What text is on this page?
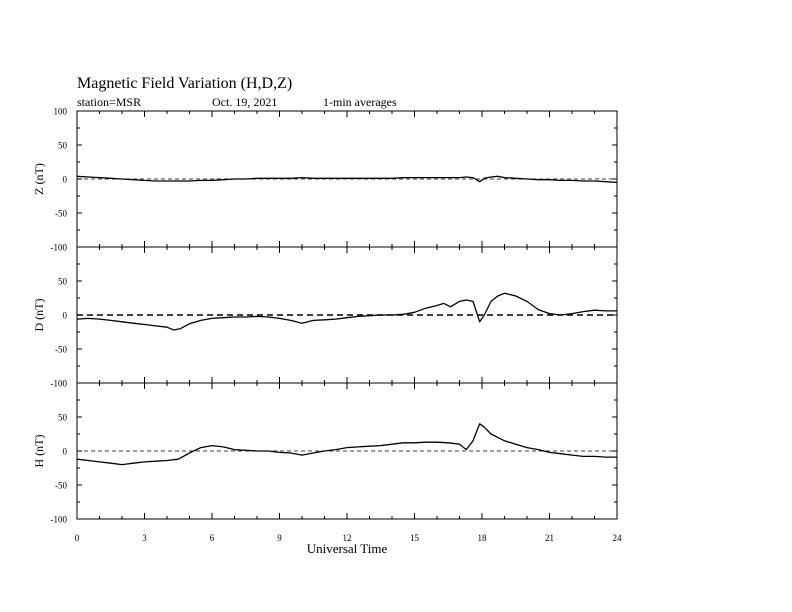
Magnetic Field Variation (H,D,Z)
station=MSR	Oct. 19, 2021	1-min averages
100
50
0
-50
-100
Z (nT)
50
0
-50
-100
D (nT)
50
0
-50
-100
H (nT)
0	3	6	9	12	15	18	21	24
Universal Time
